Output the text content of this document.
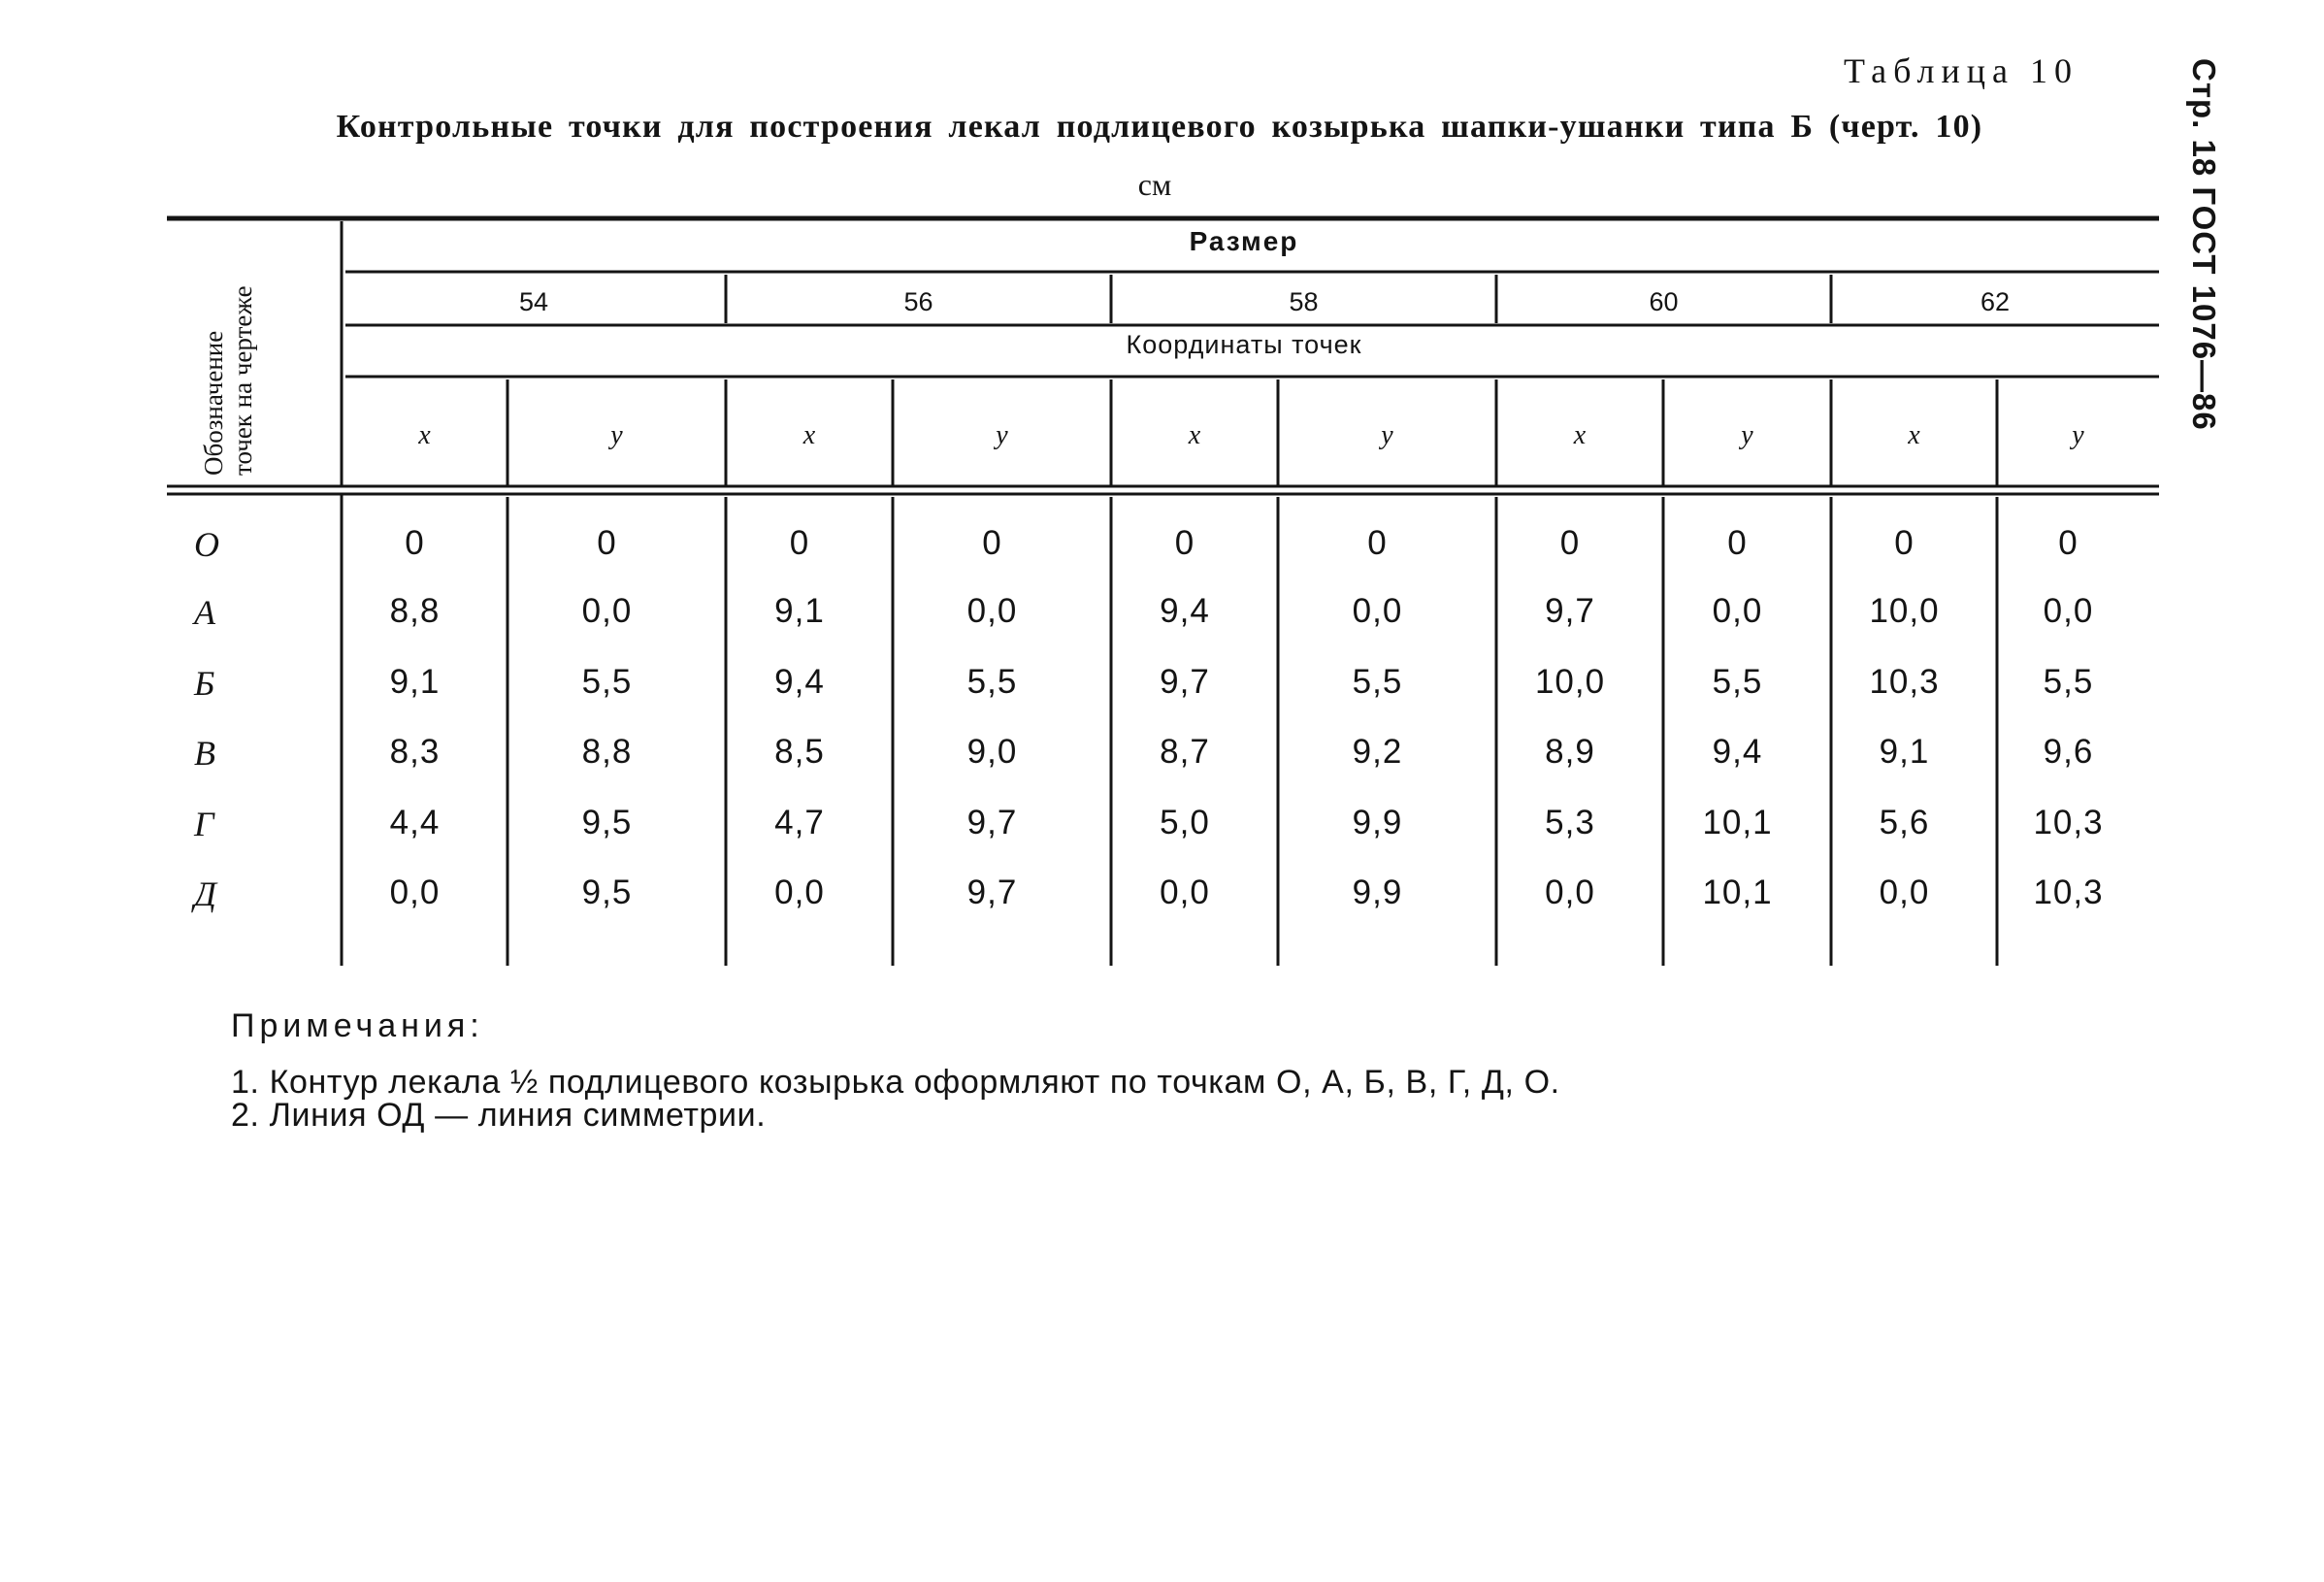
Таблица 10
Контрольные точки для построения лекал подлицевого козырька шапки-ушанки типа Б (черт. 10)
см	Стр. 18 ГОСТ 1076—86
Обозначение точек на чертеже
Размер
54	56	58	60	62
Координаты точек
x	y	x	y	x	y	x	y	x	y
О	0	0	0	0	0	0	0	0	0	0
А	8,8	0,0	9,1	0,0	9,4	0,0	9,7	0,0	10,0	0,0
Б	9,1	5,5	9,4	5,5	9,7	5,5	10,0	5,5	10,3	5,5
В	8,3	8,8	8,5	9,0	8,7	9,2	8,9	9,4	9,1	9,6
Г	4,4	9,5	4,7	9,7	5,0	9,9	5,3	10,1	5,6	10,3
Д	0,0	9,5	0,0	9,7	0,0	9,9	0,0	10,1	0,0	10,3
Примечания:
1. Контур лекала ½ подлицевого козырька оформляют по точкам О, А, Б, В, Г, Д, О.
2. Линия ОД — линия симметрии.
